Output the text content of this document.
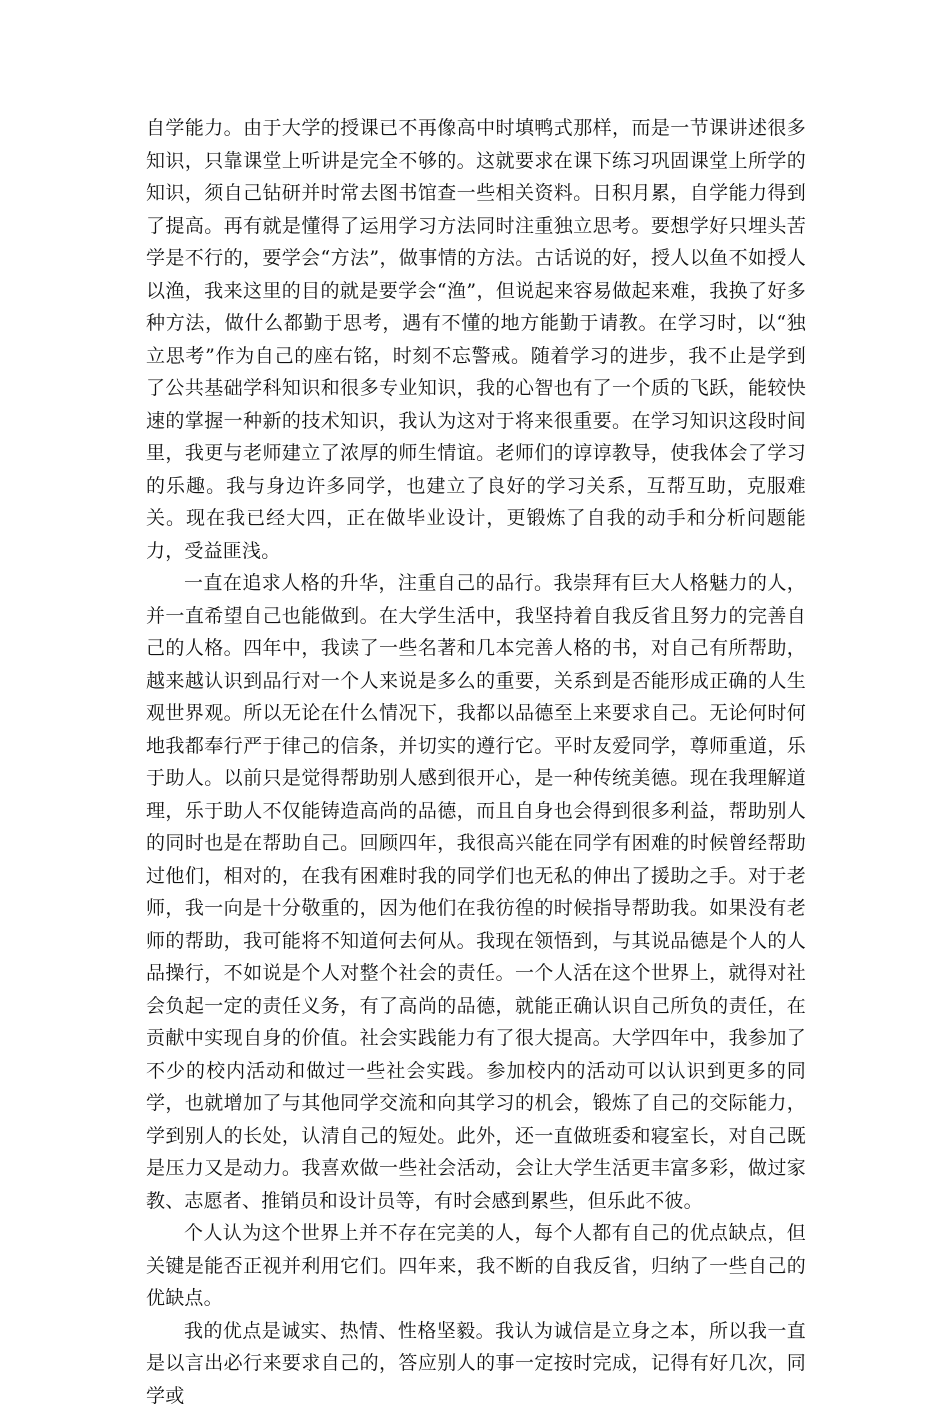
自学能力。由于大学的授课已不再像高中时填鸭式那样，而是一节课讲述很多知识，只靠课堂上听讲是完全不够的。这就要求在课下练习巩固课堂上所学的知识，须自己钻研并时常去图书馆查一些相关资料。日积月累，自学能力得到了提高。再有就是懂得了运用学习方法同时注重独立思考。要想学好只埋头苦学是不行的，要学会“方法”，做事情的方法。古话说的好，授人以鱼不如授人以渔，我来这里的目的就是要学会“渔”，但说起来容易做起来难，我换了好多种方法，做什么都勤于思考，遇有不懂的地方能勤于请教。在学习时，以“独立思考”作为自己的座右铭，时刻不忘警戒。随着学习的进步，我不止是学到了公共基础学科知识和很多专业知识，我的心智也有了一个质的飞跃，能较快速的掌握一种新的技术知识，我认为这对于将来很重要。在学习知识这段时间里，我更与老师建立了浓厚的师生情谊。老师们的谆谆教导，使我体会了学习的乐趣。我与身边许多同学，也建立了良好的学习关系，互帮互助，克服难关。现在我已经大四，正在做毕业设计，更锻炼了自我的动手和分析问题能力，受益匪浅。

一直在追求人格的升华，注重自己的品行。我崇拜有巨大人格魅力的人，并一直希望自己也能做到。在大学生活中，我坚持着自我反省且努力的完善自己的人格。四年中，我读了一些名著和几本完善人格的书，对自己有所帮助，越来越认识到品行对一个人来说是多么的重要，关系到是否能形成正确的人生观世界观。所以无论在什么情况下，我都以品德至上来要求自己。无论何时何地我都奉行严于律己的信条，并切实的遵行它。平时友爱同学，尊师重道，乐于助人。以前只是觉得帮助别人感到很开心，是一种传统美德。现在我理解道理，乐于助人不仅能铸造高尚的品德，而且自身也会得到很多利益，帮助别人的同时也是在帮助自己。回顾四年，我很高兴能在同学有困难的时候曾经帮助过他们，相对的，在我有困难时我的同学们也无私的伸出了援助之手。对于老师，我一向是十分敬重的，因为他们在我彷徨的时候指导帮助我。如果没有老师的帮助，我可能将不知道何去何从。我现在领悟到，与其说品德是个人的人品操行，不如说是个人对整个社会的责任。一个人活在这个世界上，就得对社会负起一定的责任义务，有了高尚的品德，就能正确认识自己所负的责任，在贡献中实现自身的价值。社会实践能力有了很大提高。大学四年中，我参加了不少的校内活动和做过一些社会实践。参加校内的活动可以认识到更多的同学，也就增加了与其他同学交流和向其学习的机会，锻炼了自己的交际能力，学到别人的长处，认清自己的短处。此外，还一直做班委和寝室长，对自己既是压力又是动力。我喜欢做一些社会活动，会让大学生活更丰富多彩，做过家教、志愿者、推销员和设计员等，有时会感到累些，但乐此不彼。

个人认为这个世界上并不存在完美的人，每个人都有自己的优点缺点，但关键是能否正视并利用它们。四年来，我不断的自我反省，归纳了一些自己的优缺点。

我的优点是诚实、热情、性格坚毅。我认为诚信是立身之本，所以我一直是以言出必行来要求自己的，答应别人的事一定按时完成，记得有好几次，同学或
